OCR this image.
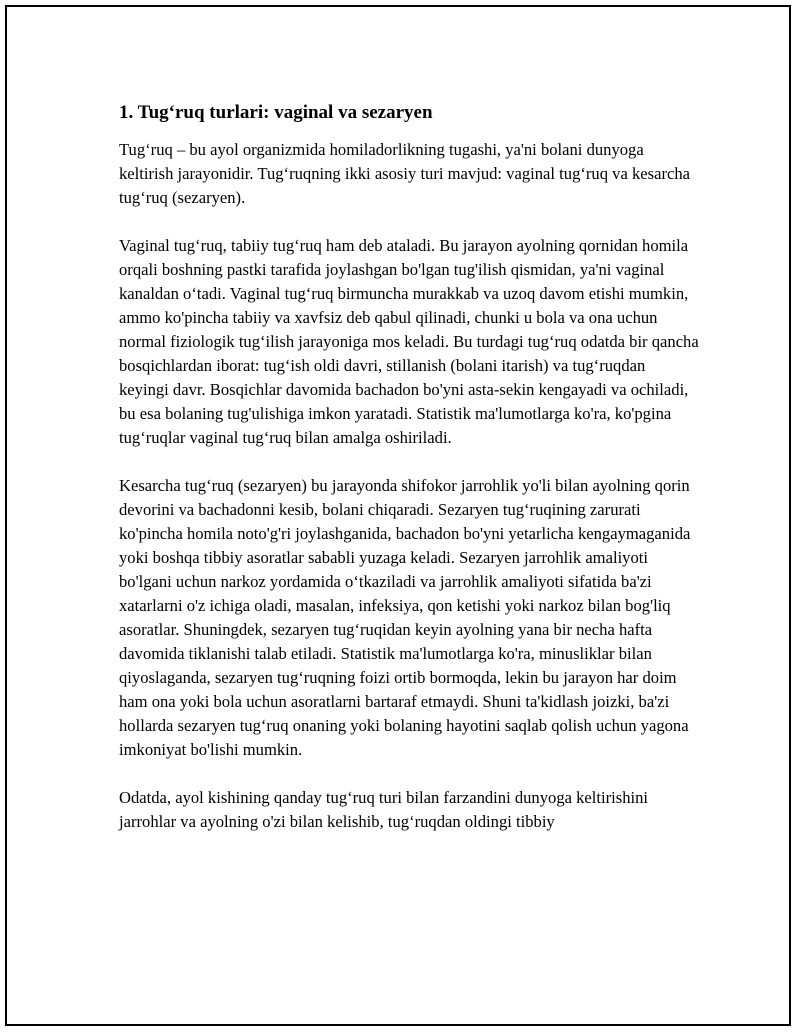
1. Tug‘ruq turlari: vaginal va sezaryen

Tug‘ruq – bu ayol organizmida homiladorlikning tugashi, ya'ni bolani dunyoga keltirish jarayonidir. Tug‘ruqning ikki asosiy turi mavjud: vaginal tug‘ruq va kesarcha tug‘ruq (sezaryen).

Vaginal tug‘ruq, tabiiy tug‘ruq ham deb ataladi. Bu jarayon ayolning qornidan homila orqali boshning pastki tarafida joylashgan bo'lgan tug'ilish qismidan, ya'ni vaginal kanaldan o‘tadi. Vaginal tug‘ruq birmuncha murakkab va uzoq davom etishi mumkin, ammo ko'pincha tabiiy va xavfsiz deb qabul qilinadi, chunki u bola va ona uchun normal fiziologik tug‘ilish jarayoniga mos keladi. Bu turdagi tug‘ruq odatda bir qancha bosqichlardan iborat: tug‘ish oldi davri, stillanish (bolani itarish) va tug‘ruqdan keyingi davr. Bosqichlar davomida bachadon bo'yni asta-sekin kengayadi va ochiladi, bu esa bolaning tug'ulishiga imkon yaratadi. Statistik ma'lumotlarga ko'ra, ko'pgina tug‘ruqlar vaginal tug‘ruq bilan amalga oshiriladi.

Kesarcha tug‘ruq (sezaryen) bu jarayonda shifokor jarrohlik yo'li bilan ayolning qorin devorini va bachadonni kesib, bolani chiqaradi. Sezaryen tug‘ruqining zarurati ko'pincha homila noto'g'ri joylashganida, bachadon bo'yni yetarlicha kengaymaganida yoki boshqa tibbiy asoratlar sababli yuzaga keladi. Sezaryen jarrohlik amaliyoti bo'lgani uchun narkoz yordamida o‘tkaziladi va jarrohlik amaliyoti sifatida ba'zi xatarlarni o'z ichiga oladi, masalan, infeksiya, qon ketishi yoki narkoz bilan bog'liq asoratlar. Shuningdek, sezaryen tug‘ruqidan keyin ayolning yana bir necha hafta davomida tiklanishi talab etiladi. Statistik ma'lumotlarga ko'ra, minusliklar bilan qiyoslaganda, sezaryen tug‘ruqning foizi ortib bormoqda, lekin bu jarayon har doim ham ona yoki bola uchun asoratlarni bartaraf etmaydi. Shuni ta'kidlash joizki, ba'zi hollarda sezaryen tug‘ruq onaning yoki bolaning hayotini saqlab qolish uchun yagona imkoniyat bo'lishi mumkin.

Odatda, ayol kishining qanday tug‘ruq turi bilan farzandini dunyoga keltirishini jarrohlar va ayolning o'zi bilan kelishib, tug‘ruqdan oldingi tibbiy
